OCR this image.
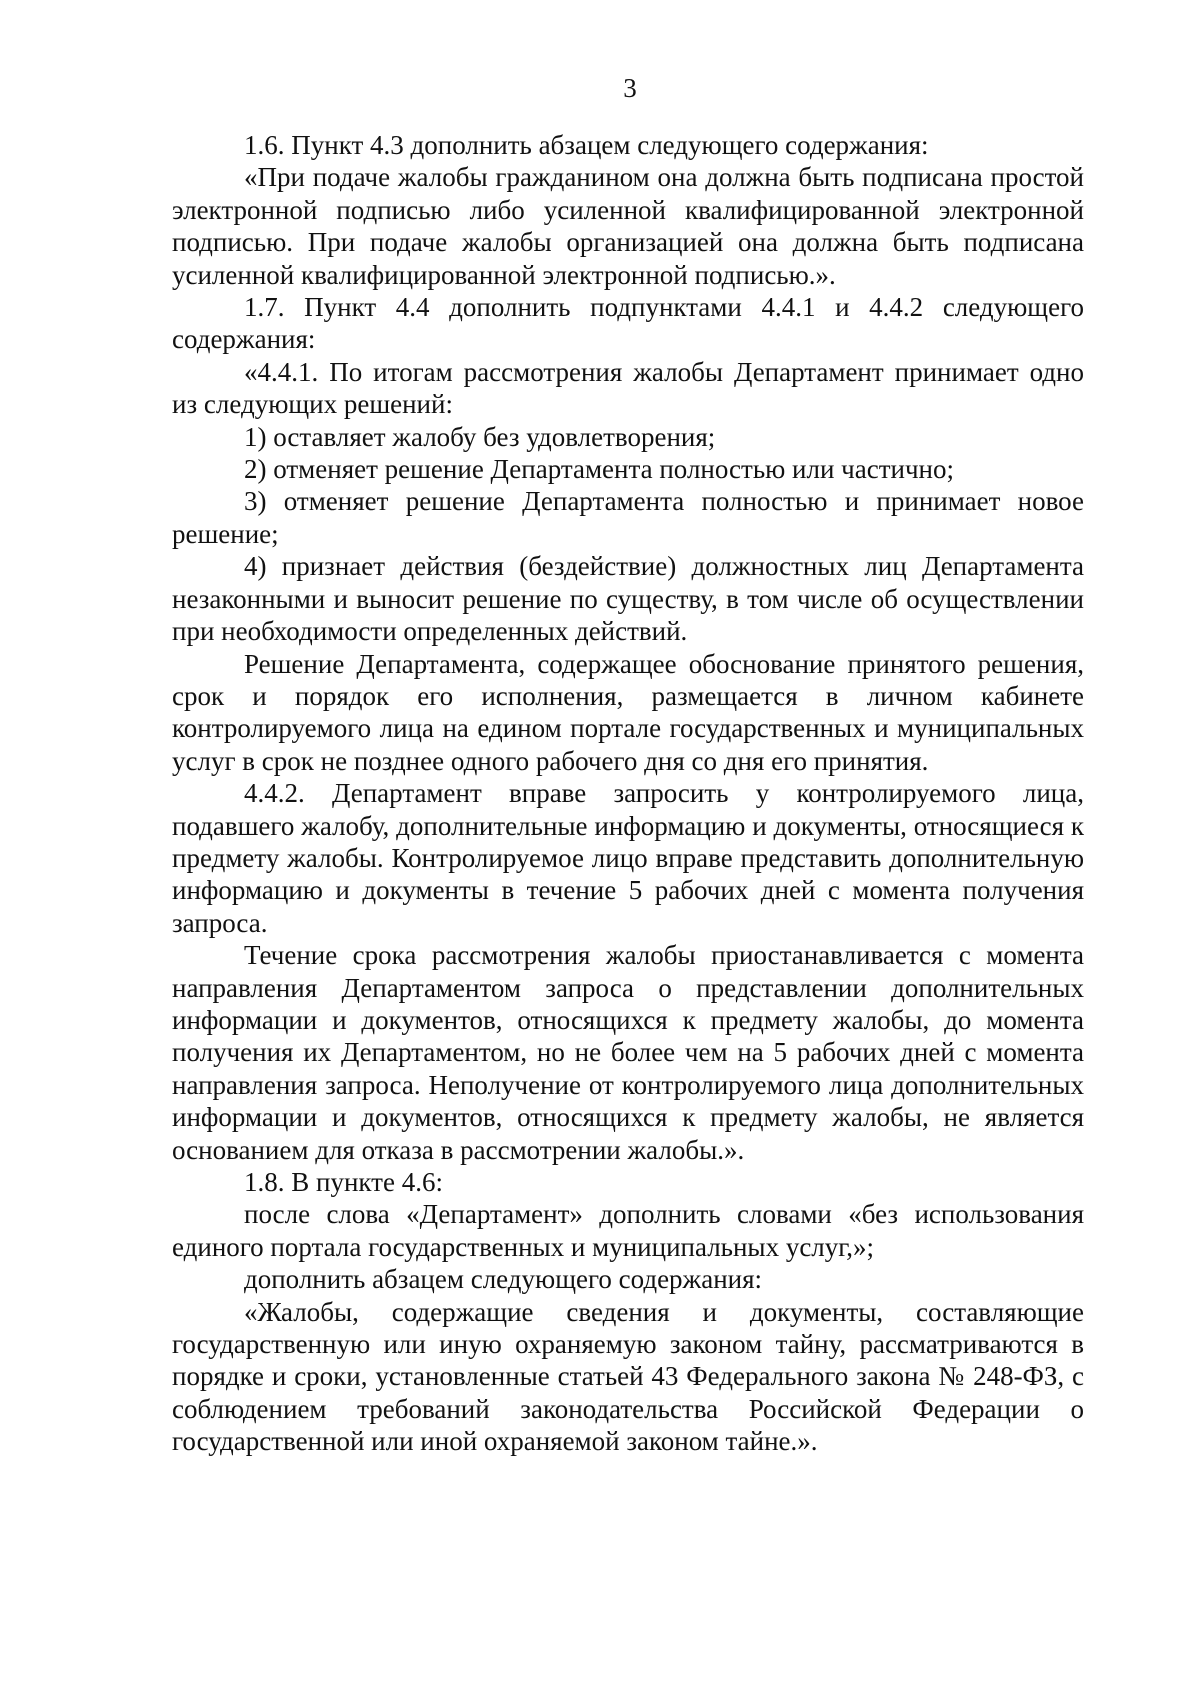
3

1.6. Пункт 4.3 дополнить абзацем следующего содержания:

«При подаче жалобы гражданином она должна быть подписана простой электронной подписью либо усиленной квалифицированной электронной подписью. При подаче жалобы организацией она должна быть подписана усиленной квалифицированной электронной подписью.».

1.7. Пункт 4.4 дополнить подпунктами 4.4.1 и 4.4.2 следующего содержания:

«4.4.1. По итогам рассмотрения жалобы Департамент принимает одно из следующих решений:

1) оставляет жалобу без удовлетворения;

2) отменяет решение Департамента полностью или частично;

3) отменяет решение Департамента полностью и принимает новое решение;

4) признает действия (бездействие) должностных лиц Департамента незаконными и выносит решение по существу, в том числе об осуществлении при необходимости определенных действий.

Решение Департамента, содержащее обоснование принятого решения, срок и порядок его исполнения, размещается в личном кабинете контролируемого лица на едином портале государственных и муниципальных услуг в срок не позднее одного рабочего дня со дня его принятия.

4.4.2. Департамент вправе запросить у контролируемого лица, подавшего жалобу, дополнительные информацию и документы, относящиеся к предмету жалобы. Контролируемое лицо вправе представить дополнительную информацию и документы в течение 5 рабочих дней с момента получения запроса.

Течение срока рассмотрения жалобы приостанавливается с момента направления Департаментом запроса о представлении дополнительных информации и документов, относящихся к предмету жалобы, до момента получения их Департаментом, но не более чем на 5 рабочих дней с момента направления запроса. Неполучение от контролируемого лица дополнительных информации и документов, относящихся к предмету жалобы, не является основанием для отказа в рассмотрении жалобы.».

1.8. В пункте 4.6:

после слова «Департамент» дополнить словами «без использования единого портала государственных и муниципальных услуг,»;

дополнить абзацем следующего содержания:

«Жалобы, содержащие сведения и документы, составляющие государственную или иную охраняемую законом тайну, рассматриваются в порядке и сроки, установленные статьей 43 Федерального закона № 248-ФЗ, с соблюдением требований законодательства Российской Федерации о государственной или иной охраняемой законом тайне.».
